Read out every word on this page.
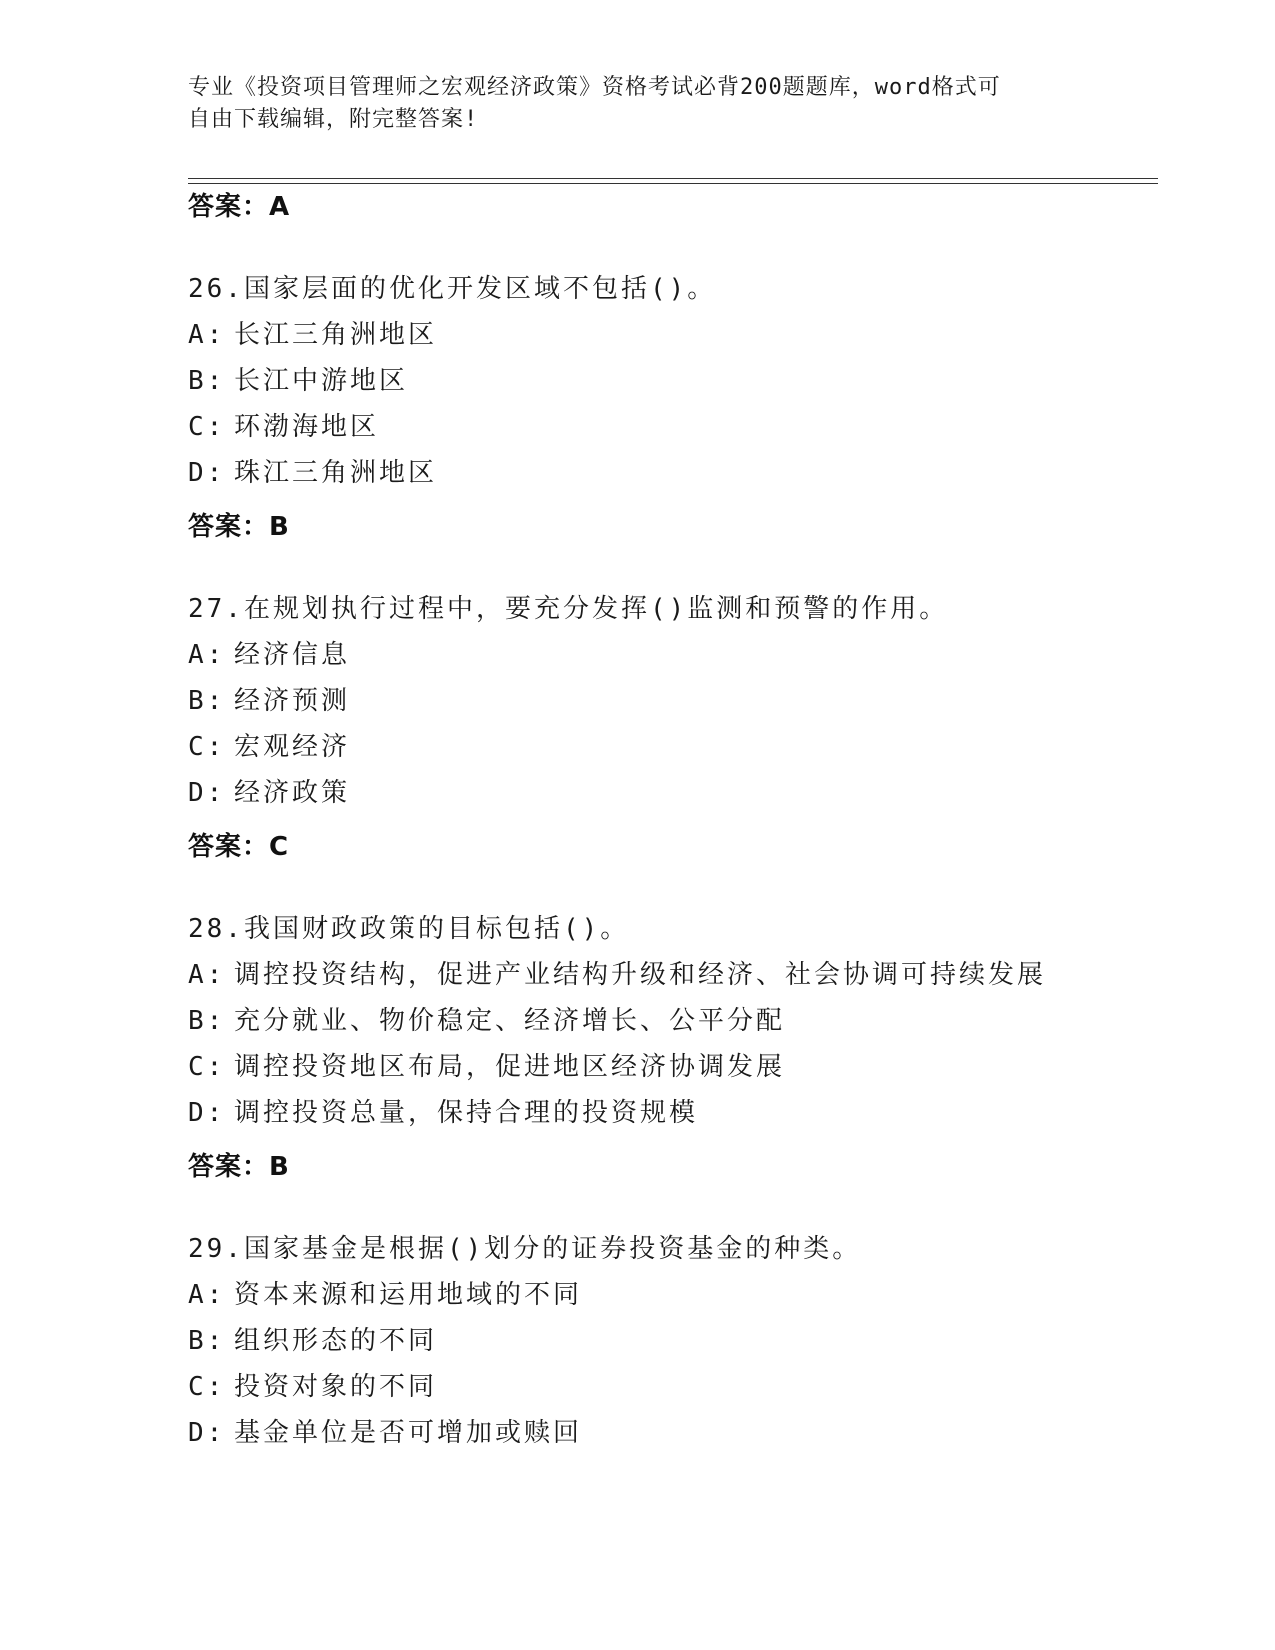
专业《投资项目管理师之宏观经济政策》资格考试必背200题题库，word格式可
自由下载编辑，附完整答案!
答案：A
26.国家层面的优化开发区域不包括()。
A: 长江三角洲地区
B: 长江中游地区
C: 环渤海地区
D: 珠江三角洲地区
答案：B
27.在规划执行过程中，要充分发挥()监测和预警的作用。
A: 经济信息
B: 经济预测
C: 宏观经济
D: 经济政策
答案：C
28.我国财政政策的目标包括()。
A: 调控投资结构，促进产业结构升级和经济、社会协调可持续发展
B: 充分就业、物价稳定、经济增长、公平分配
C: 调控投资地区布局，促进地区经济协调发展
D: 调控投资总量，保持合理的投资规模
答案：B
29.国家基金是根据()划分的证券投资基金的种类。
A: 资本来源和运用地域的不同
B: 组织形态的不同
C: 投资对象的不同
D: 基金单位是否可增加或赎回
